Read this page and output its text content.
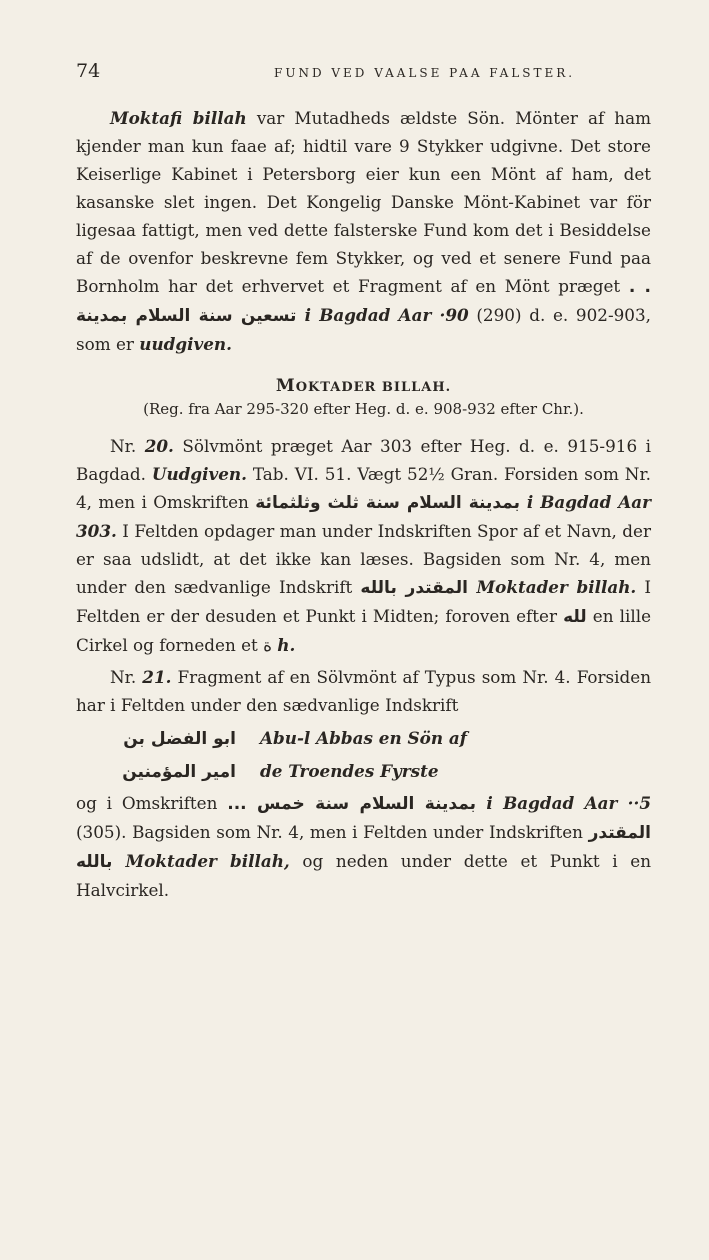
74	FUND VED VAALSE PAA FALSTER.

Moktafi billah var Mutadheds ældste Sön. Mönter af ham kjender man kun faae af; hidtil vare 9 Stykker udgivne. Det store Keiserlige Kabinet i Petersborg eier kun een Mönt af ham, det kasanske slet ingen. Det Kongelig Danske Mönt-Kabinet var för ligesaa fattigt, men ved dette falsterske Fund kom det i Besiddelse af de ovenfor beskrevne fem Stykker, og ved et senere Fund paa Bornholm har det erhvervet et Fragment af en Mönt præget . . تسعين سنة السلام بمدينة i Bagdad Aar ·90 (290) d. e. 902-903, som er uudgiven.

MOKTADER BILLAH.
(Reg. fra Aar 295-320 efter Heg. d. e. 908-932 efter Chr.).

Nr. 20. Sölvmönt præget Aar 303 efter Heg. d. e. 915-916 i Bagdad. Uudgiven. Tab. VI. 51. Vægt 52½ Gran. Forsiden som Nr. 4, men i Omskriften بمدينة السلام سنة ثلث وثلثمائة i Bagdad Aar 303. I Feltden opdager man under Indskriften Spor af et Navn, der er saa udslidt, at det ikke kan læses. Bagsiden som Nr. 4, men under den sædvanlige Indskrift المقتدر بالله Moktader billah. I Feltden er der desuden et Punkt i Midten; foroven efter لله en lille Cirkel og forneden et ة h.

Nr. 21. Fragment af en Sölvmönt af Typus som Nr. 4. Forsiden har i Feltden under den sædvanlige Indskrift

ابو الفضل بن Abu-l Abbas en Sön af
امير المؤمنين de Troendes Fyrste

og i Omskriften بمدينة السلام سنة خمس ... i Bagdad Aar ··5 (305). Bagsiden som Nr. 4, men i Feltden under Indskriften المقتدر بالله Moktader billah, og neden under dette et Punkt i en Halvcirkel.
